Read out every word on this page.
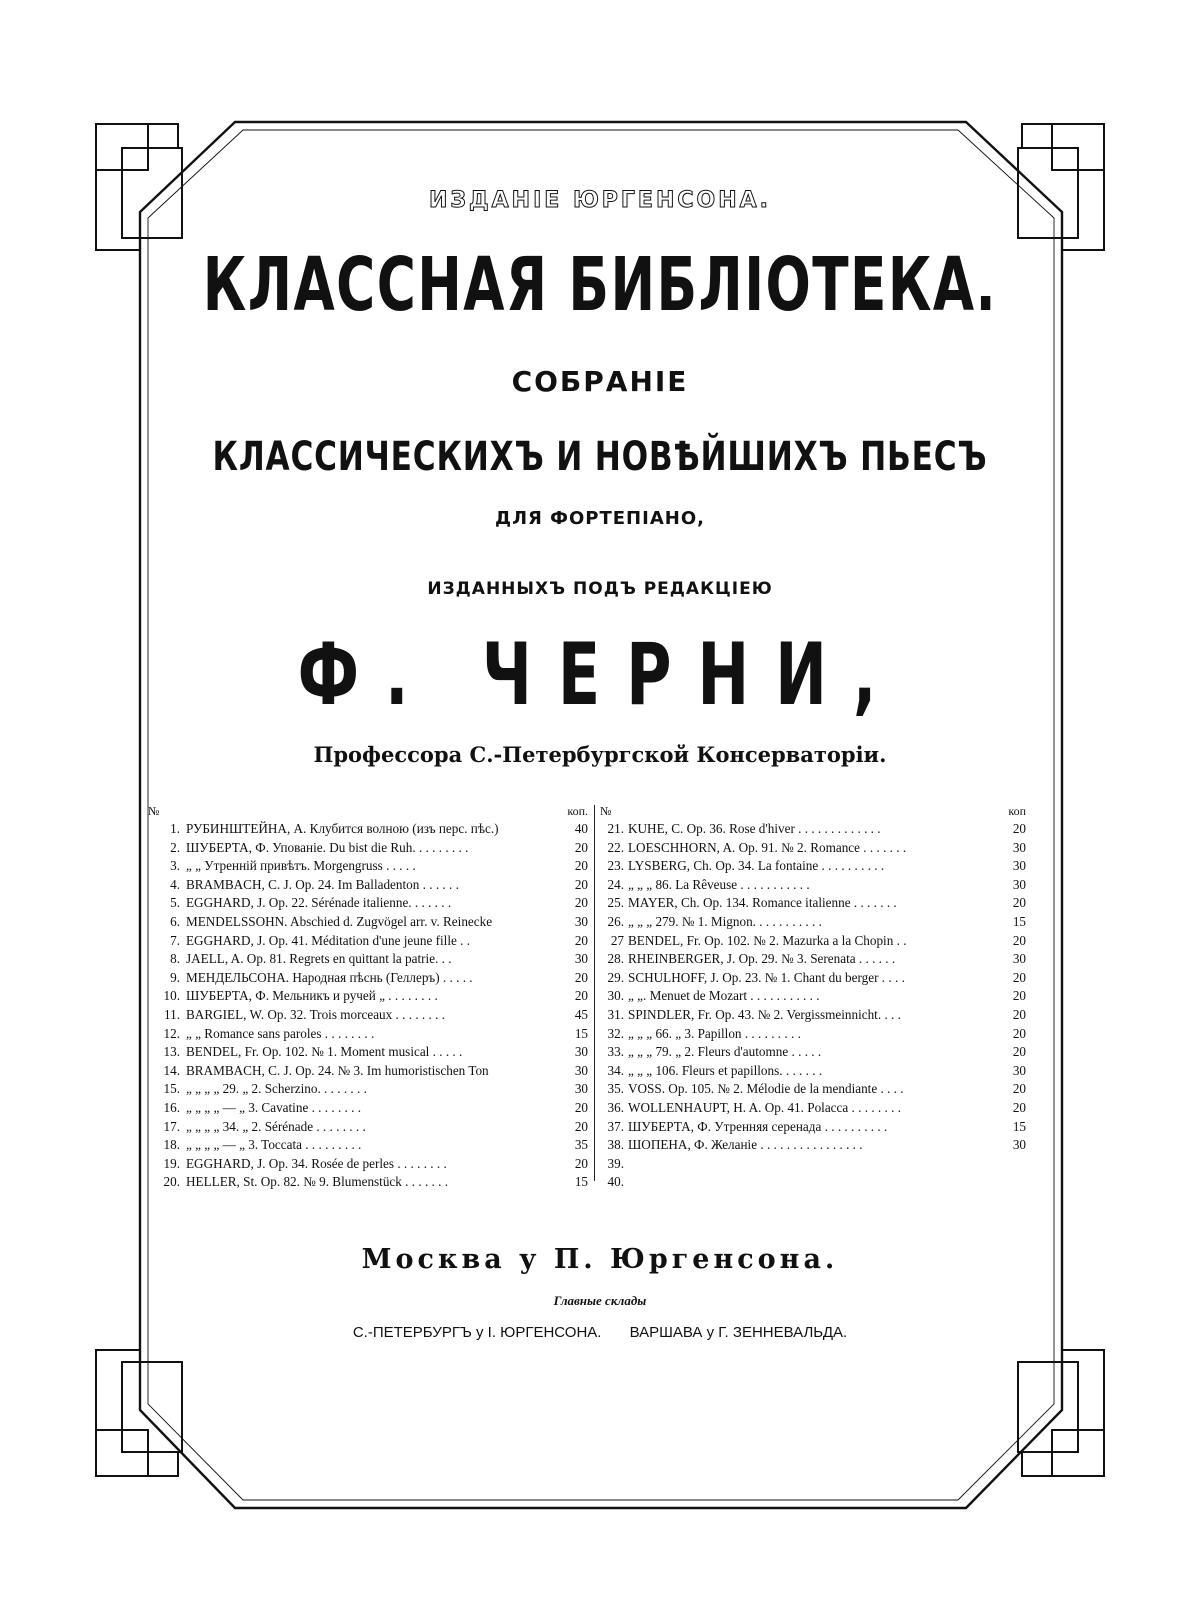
ИЗДАНІЕ ЮРГЕНСОНА.
КЛАССНАЯ БИБЛІОТЕКА.
СОБРАНІЕ
КЛАССИЧЕСКИХЪ И НОВѢЙШИХЪ ПЬЕСЪ
ДЛЯ ФОРТЕПІАНО,
ИЗДАННЫХЪ ПОДЪ РЕДАКЦІЕЮ
Ф. ЧЕРНИ,
Профессора С.-Петербургской Консерваторіи.
№	коп.
1. РУБИНШТЕЙНА, А. Клубится волною (изъ перс. пѣс.)	40
2. ШУБЕРТА, Ф. Упованіе. Du bist die Ruh. . . . . . . . .	20
3. „ „ Утренній привѣтъ. Morgengruss . . . . .	20
4. BRAMBACH, C. J. Op. 24. Im Balladenton . . . . . .	20
5. EGGHARD, J. Op. 22. Sérénade italienne. . . . . . .	20
6. MENDELSSOHN. Abschied d. Zugvögel arr. v. Reinecke	30
7. EGGHARD, J. Op. 41. Méditation d'une jeune fille . .	20
8. JAELL, A. Op. 81. Regrets en quittant la patrie. . .	30
9. МЕНДЕЛЬСОНА. Народная пѣснь (Геллеръ) . . . . .	20
10. ШУБЕРТА, Ф. Мельникъ и ручей „ . . . . . . . .	20
11. BARGIEL, W. Op. 32. Trois morceaux . . . . . . . .	45
12. „ „ Romance sans paroles . . . . . . . .	15
13. BENDEL, Fr. Op. 102. № 1. Moment musical . . . . .	30
14. BRAMBACH, C. J. Op. 24. № 3. Im humoristischen Ton	30
15. „ „ „ „ 29. „ 2. Scherzino. . . . . . . .	30
16. „ „ „ „ — „ 3. Cavatine . . . . . . . .	20
17. „ „ „ „ 34. „ 2. Sérénade . . . . . . . .	20
18. „ „ „ „ — „ 3. Toccata . . . . . . . . .	35
19. EGGHARD, J. Op. 34. Rosée de perles . . . . . . . .	20
20. HELLER, St. Op. 82. № 9. Blumenstück . . . . . . .	15
№	коп
21. KUHE, C. Op. 36. Rose d'hiver . . . . . . . . . . . . .	20
22. LOESCHHORN, A. Op. 91. № 2. Romance . . . . . . .	30
23. LYSBERG, Ch. Op. 34. La fontaine . . . . . . . . . .	30
24. „ „ „ 86. La Rêveuse . . . . . . . . . . .	30
25. MAYER, Ch. Op. 134. Romance italienne . . . . . . .	20
26. „ „ „ 279. № 1. Mignon. . . . . . . . . . .	15
27 BENDEL, Fr. Op. 102. № 2. Mazurka a la Chopin . .	20
28. RHEINBERGER, J. Op. 29. № 3. Serenata . . . . . .	30
29. SCHULHOFF, J. Op. 23. № 1. Chant du berger . . . .	20
30. „ „. Menuet de Mozart . . . . . . . . . . .	20
31. SPINDLER, Fr. Op. 43. № 2. Vergissmeinnicht. . . .	20
32. „ „ „ 66. „ 3. Papillon . . . . . . . . .	20
33. „ „ „ 79. „ 2. Fleurs d'automne . . . . .	20
34. „ „ „ 106. Fleurs et papillons. . . . . . .	30
35. VOSS. Op. 105. № 2. Mélodie de la mendiante . . . .	20
36. WOLLENHAUPT, H. A. Op. 41. Polacca . . . . . . . .	20
37. ШУБЕРТА, Ф. Утренняя серенада . . . . . . . . . .	15
38. ШОПЕНА, Ф. Желаніе . . . . . . . . . . . . . . . .	30
39.
40.
Москва у П. Юргенсона.
Главные склады
С.-ПЕТЕРБУРГЪ у І. ЮРГЕНСОНА. ВАРШАВА у Г. ЗЕННЕВАЛЬДА.
